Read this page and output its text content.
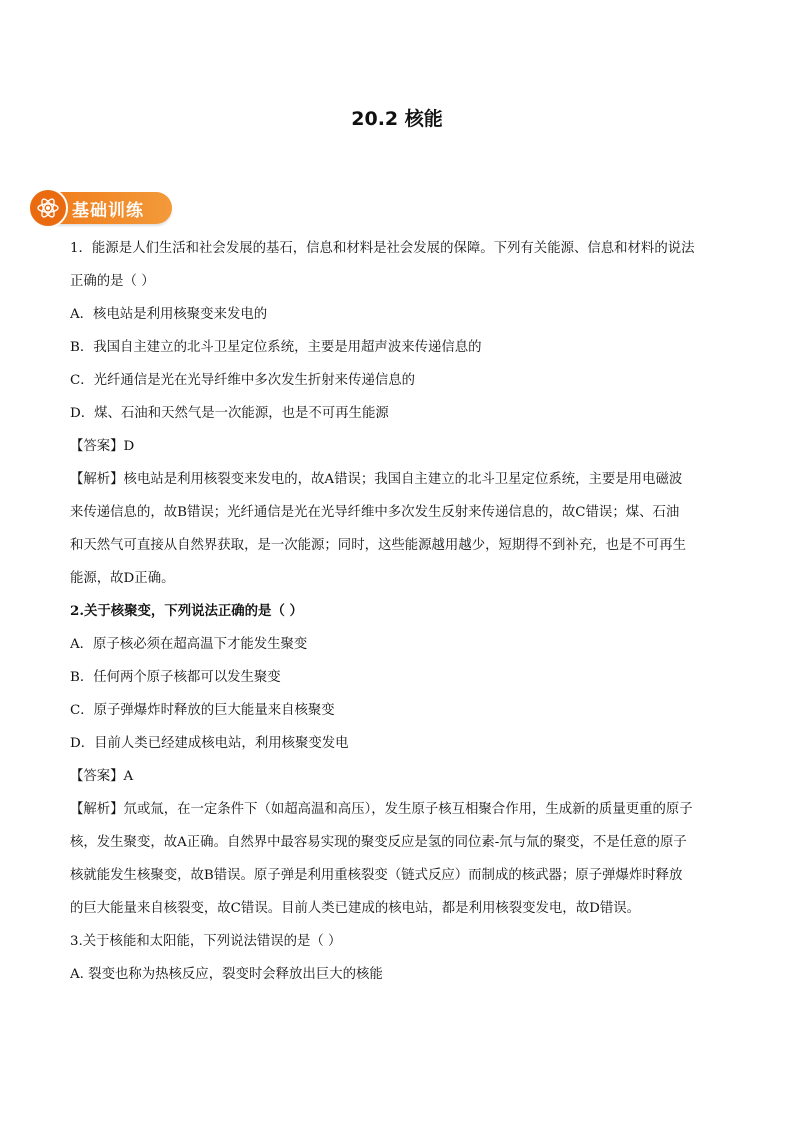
20.2 核能
基础训练
1．能源是人们生活和社会发展的基石，信息和材料是社会发展的保障。下列有关能源、信息和材料的说法
正确的是（ ）
A．核电站是利用核聚变来发电的
B．我国自主建立的北斗卫星定位系统，主要是用超声波来传递信息的
C．光纤通信是光在光导纤维中多次发生折射来传递信息的
D．煤、石油和天然气是一次能源，也是不可再生能源
【答案】D
【解析】核电站是利用核裂变来发电的，故A错误；我国自主建立的北斗卫星定位系统，主要是用电磁波
来传递信息的，故B错误；光纤通信是光在光导纤维中多次发生反射来传递信息的，故C错误；煤、石油
和天然气可直接从自然界获取，是一次能源；同时，这些能源越用越少，短期得不到补充，也是不可再生
能源，故D正确。
2.关于核聚变，下列说法正确的是（ ）
A．原子核必须在超高温下才能发生聚变
B．任何两个原子核都可以发生聚变
C．原子弹爆炸时释放的巨大能量来自核聚变
D．目前人类已经建成核电站，利用核聚变发电
【答案】A
【解析】氘或氚，在一定条件下（如超高温和高压），发生原子核互相聚合作用，生成新的质量更重的原子
核，发生聚变，故A正确。自然界中最容易实现的聚变反应是氢的同位素-氘与氚的聚变，不是任意的原子
核就能发生核聚变，故B错误。原子弹是利用重核裂变（链式反应）而制成的核武器；原子弹爆炸时释放
的巨大能量来自核裂变，故C错误。目前人类已建成的核电站，都是利用核裂变发电，故D错误。
3.关于核能和太阳能，下列说法错误的是（ ）
A. 裂变也称为热核反应，裂变时会释放出巨大的核能
